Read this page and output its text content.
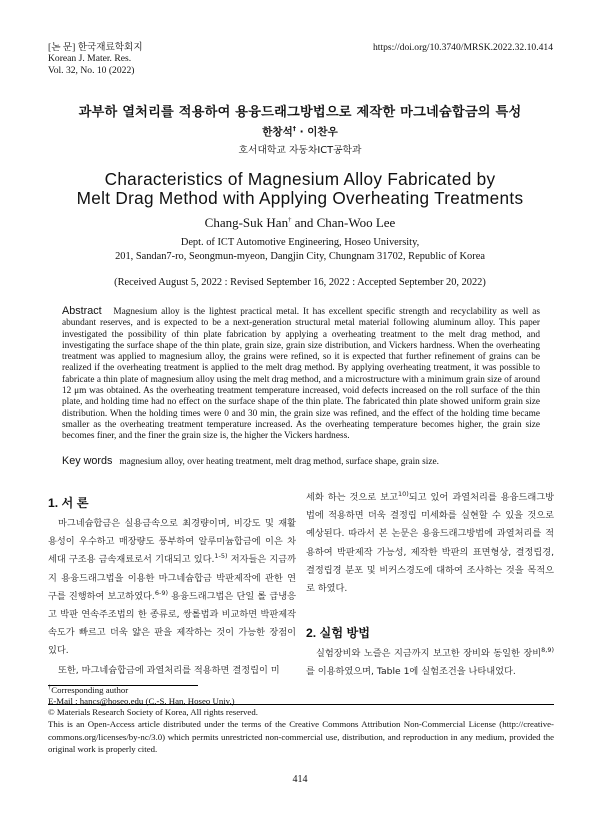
[논 문] 한국재료학회지
Korean J. Mater. Res.
Vol. 32, No. 10 (2022)
https://doi.org/10.3740/MRSK.2022.32.10.414
과부하 열처리를 적용하여 용융드래그방법으로 제작한 마그네슘합금의 특성
한창석† · 이찬우
호서대학교 자동차ICT공학과
Characteristics of Magnesium Alloy Fabricated by
Melt Drag Method with Applying Overheating Treatments
Chang-Suk Han† and Chan-Woo Lee
Dept. of ICT Automotive Engineering, Hoseo University,
201, Sandan7-ro, Seongmun-myeon, Dangjin City, Chungnam 31702, Republic of Korea
(Received August 5, 2022 : Revised September 16, 2022 : Accepted September 20, 2022)
Abstract Magnesium alloy is the lightest practical metal. It has excellent specific strength and recyclability as well as abundant reserves, and is expected to be a next-generation structural metal material following aluminum alloy. This paper investigated the possibility of thin plate fabrication by applying a overheating treatment to the melt drag method, and investigating the surface shape of the thin plate, grain size, grain size distribution, and Vickers hardness. When the overheating treatment was applied to magnesium alloy, the grains were refined, so it is expected that further refinement of grains can be realized if the overheating treatment is applied to the melt drag method. By applying overheating treatment, it was possible to fabricate a thin plate of magnesium alloy using the melt drag method, and a microstructure with a minimum grain size of around 12 μm was obtained. As the overheating treatment temperature increased, void defects increased on the roll surface of the thin plate, and holding time had no effect on the surface shape of the thin plate. The fabricated thin plate showed uniform grain size distribution. When the holding times were 0 and 30 min, the grain size was refined, and the effect of the holding time became smaller as the overheating treatment temperature increased. As the overheating temperature becomes higher, the grain size becomes finer, and the finer the grain size is, the higher the Vickers hardness.
Key words magnesium alloy, over heating treatment, melt drag method, surface shape, grain size.
1. 서 론
마그네슘합금은 실용금속으로 최경량이며, 비강도 및 재활용성이 우수하고 매장량도 풍부하여 알루미늄합금에 이은 차세대 구조용 금속재료로서 기대되고 있다.$^{1-5)}$ 저자들은 지금까지 용융드래그법을 이용한 마그네슘합금 박판제작에 관한 연구를 진행하여 보고하였다.$^{6-9)}$ 용융드래그법은 단일 롤 급냉응고 박판 연속주조법의 한 종류로, 쌍롤법과 비교하면 박판제작 속도가 빠르고 더욱 얇은 판을 제작하는 것이 가능한 장점이 있다.
또한, 마그네슘합금에 과열처리를 적용하면 결정립이 미
세화 하는 것으로 보고$^{10)}$되고 있어 과열처리를 용융드래그방법에 적용하면 더욱 결정립 미세화를 실현할 수 있을 것으로 예상된다. 따라서 본 논문은 용융드래그방법에 과열처리를 적용하여 박판제작 가능성, 제작한 박판의 표면형상, 결정립경, 결정립경 분포 및 비커스경도에 대하여 조사하는 것을 목적으로 하였다.
2. 실험 방법
실험장비와 노즐은 지금까지 보고한 장비와 동일한 장비$^{8,9)}$를 이용하였으며, Table 1에 실험조건을 나타내었다.
†Corresponding author
E-Mail : hancs@hoseo.edu (C.-S. Han, Hoseo Univ.)
© Materials Research Society of Korea, All rights reserved.
This is an Open-Access article distributed under the terms of the Creative Commons Attribution Non-Commercial License (http://creative-commons.org/licenses/by-nc/3.0) which permits unrestricted non-commercial use, distribution, and reproduction in any medium, provided the original work is properly cited.
414
